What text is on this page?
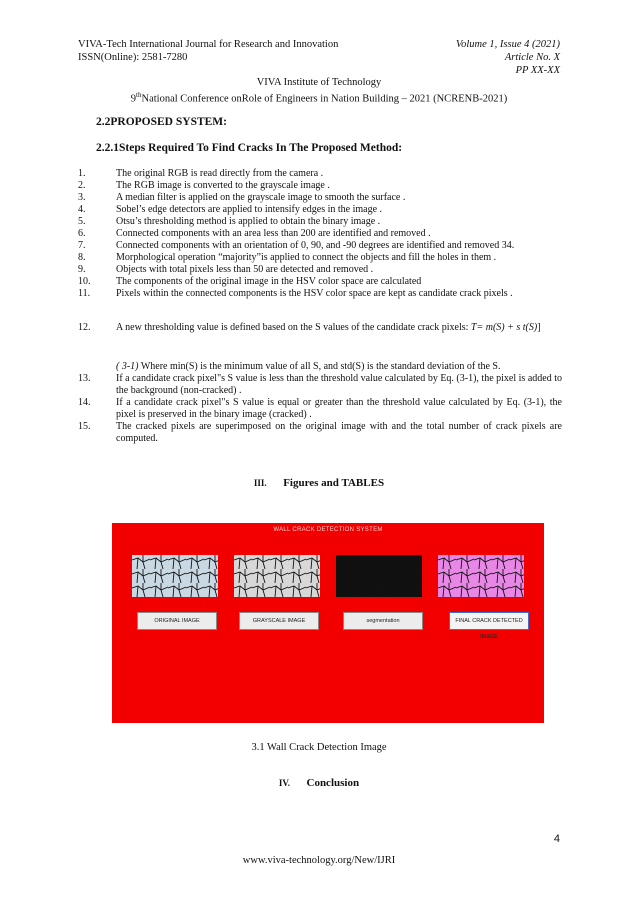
VIVA-Tech International Journal for Research and Innovation
ISSN(Online): 2581-7280
Volume 1, Issue 4 (2021)
Article No. X
PP XX-XX
VIVA Institute of Technology
9thNational Conference onRole of Engineers in Nation Building – 2021 (NCRENB-2021)
2.2PROPOSED SYSTEM:
2.2.1Steps Required To Find Cracks In The Proposed Method:
1.	The original RGB is read directly from the camera .
2.	The RGB image is converted to the grayscale image .
3.	A median filter is applied on the grayscale image to smooth the surface .
4.	Sobel’s edge detectors are applied to intensify edges in the image .
5.	Otsu’s thresholding method is applied to obtain the binary image .
6.	Connected components with an area less than 200 are identified and removed .
7.	Connected components with an orientation of 0, 90, and -90 degrees are identified and removed 34.
8.	Morphological operation “majority”is applied to connect the objects and fill the holes in them .
9.	Objects with total pixels less than 50 are detected and removed .
10.	The components of the original image in the HSV color space are calculated
11.	Pixels within the connected components is the HSV color space are kept as candidate crack pixels .
12.	A new thresholding value is defined based on the S values of the candidate crack pixels: T= m(S) + s t(S)]
( 3-1) Where min(S) is the minimum value of all S, and std(S) is the standard deviation of the S.
13.	If a candidate crack pixel"s S value is less than the threshold value calculated by Eq. (3-1), the pixel is added to the background (non-cracked) .
14.	If a candidate crack pixel"s S value is equal or greater than the threshold value calculated by Eq. (3-1), the pixel is preserved in the binary image (cracked) .
15.	The cracked pixels are superimposed on the original image with and the total number of crack pixels are computed.
III. Figures and TABLES
WALL CRACK DETECTION SYSTEM
ORIGINAL IMAGE	GRAYSCALE IMAGE	segmentation	FINAL CRACK DETECTED IMAGE
3.1 Wall Crack Detection Image
IV. Conclusion
4
www.viva-technology.org/New/IJRI
